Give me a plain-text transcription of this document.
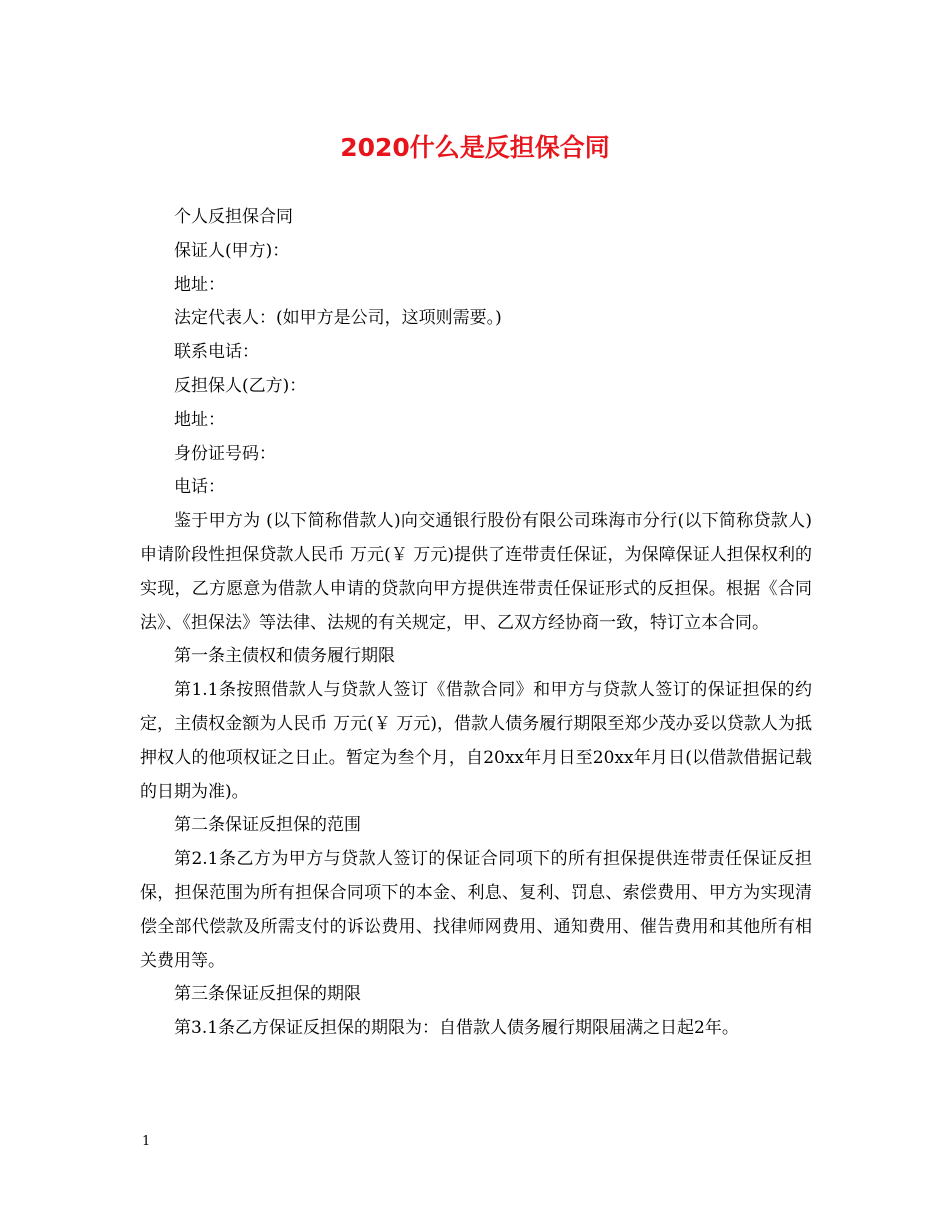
2020什么是反担保合同

个人反担保合同

保证人(甲方)：

地址：

法定代表人：(如甲方是公司，这项则需要。)

联系电话：

反担保人(乙方)：

地址：

身份证号码：

电话：

鉴于甲方为 (以下简称借款人)向交通银行股份有限公司珠海市分行(以下简称贷款人)申请阶段性担保贷款人民币 万元(￥ 万元)提供了连带责任保证，为保障保证人担保权利的实现，乙方愿意为借款人申请的贷款向甲方提供连带责任保证形式的反担保。根据《合同法》、《担保法》等法律、法规的有关规定，甲、乙双方经协商一致，特订立本合同。

第一条主债权和债务履行期限

第1.1条按照借款人与贷款人签订《借款合同》和甲方与贷款人签订的保证担保的约定，主债权金额为人民币 万元(￥ 万元)，借款人债务履行期限至郑少茂办妥以贷款人为抵押权人的他项权证之日止。暂定为叁个月，自20xx年月日至20xx年月日(以借款借据记载的日期为准)。

第二条保证反担保的范围

第2.1条乙方为甲方与贷款人签订的保证合同项下的所有担保提供连带责任保证反担保，担保范围为所有担保合同项下的本金、利息、复利、罚息、索偿费用、甲方为实现清偿全部代偿款及所需支付的诉讼费用、找律师网费用、通知费用、催告费用和其他所有相关费用等。

第三条保证反担保的期限

第3.1条乙方保证反担保的期限为：自借款人债务履行期限届满之日起2年。

1
